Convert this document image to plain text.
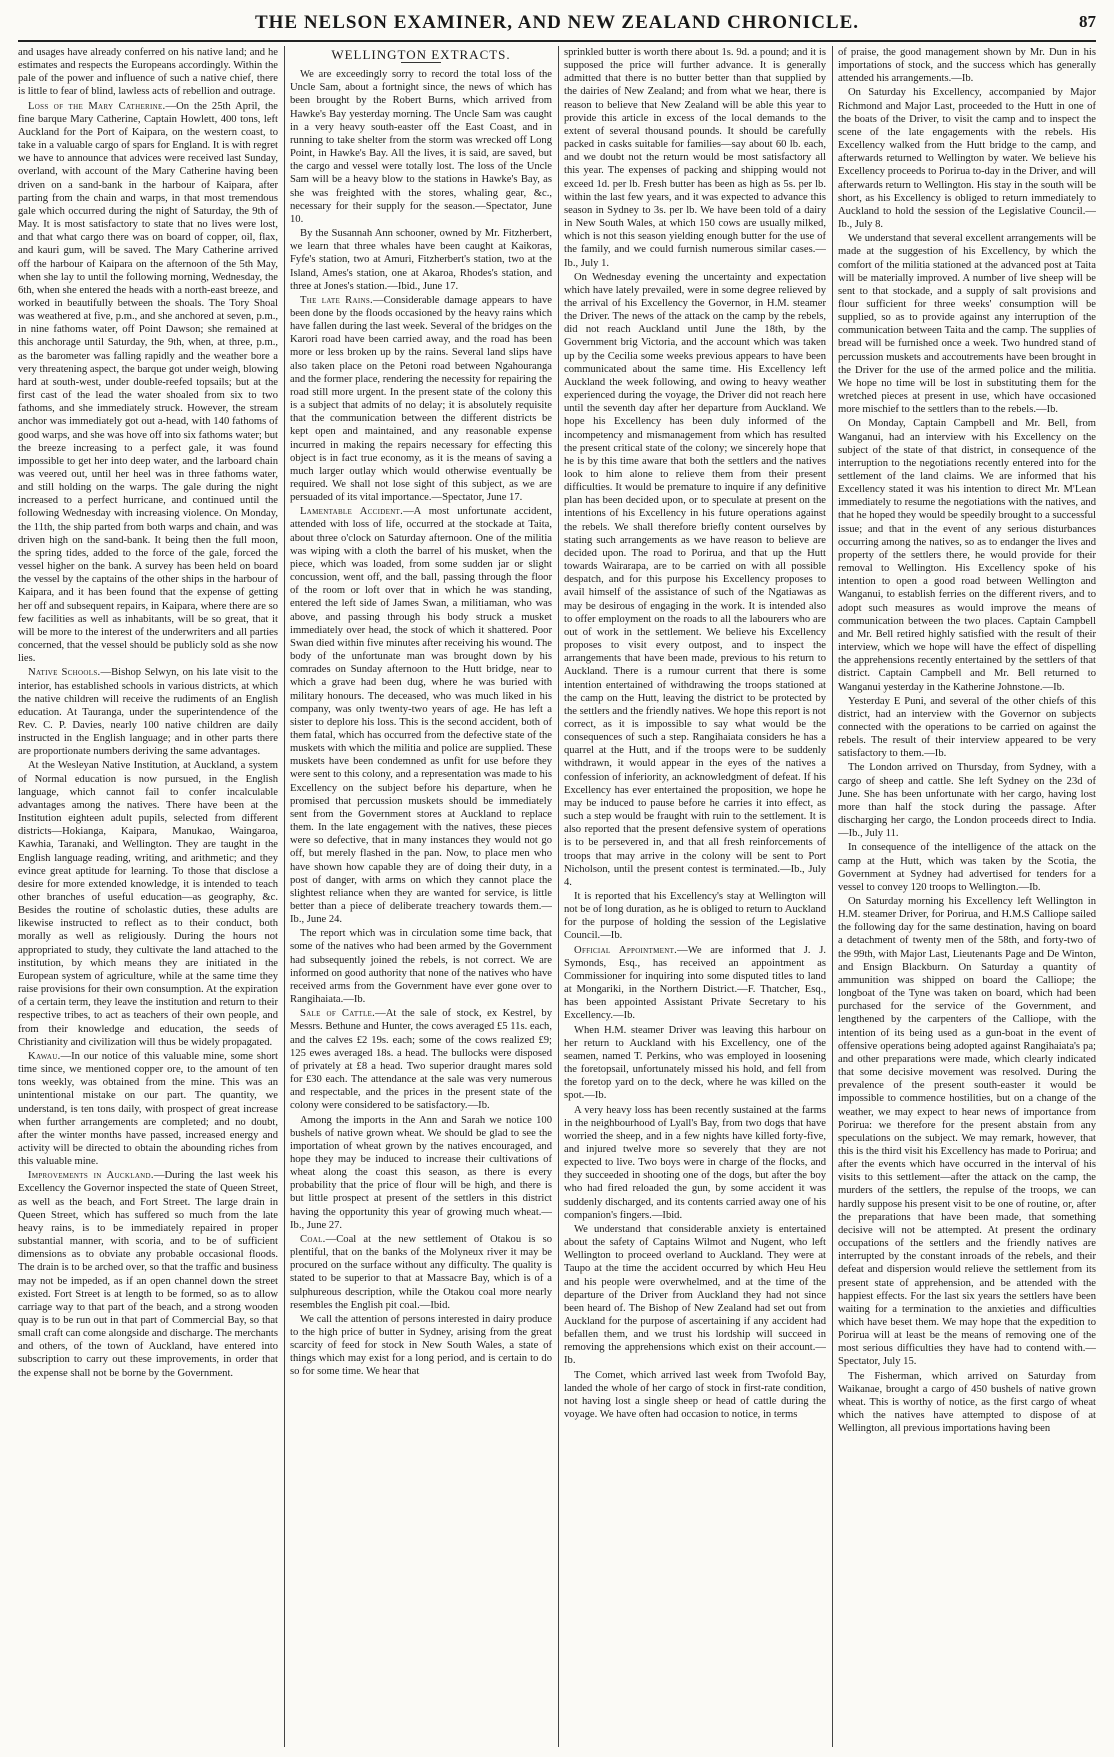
THE NELSON EXAMINER, AND NEW ZEALAND CHRONICLE.	87

and usages have already conferred on his native land; and he estimates and respects the Europeans accordingly. Within the pale of the power and influence of such a native chief, there is little to fear of blind, lawless acts of rebellion and outrage.

Loss of the Mary Catherine.—On the 25th April, the fine barque Mary Catherine, Captain Howlett, 400 tons, left Auckland for the Port of Kaipara, on the western coast, to take in a valuable cargo of spars for England. It is with regret we have to announce that advices were received last Sunday, overland, with account of the Mary Catherine having been driven on a sand-bank in the harbour of Kaipara, after parting from the chain and warps, in that most tremendous gale which occurred during the night of Saturday, the 9th of May. It is most satisfactory to state that no lives were lost, and that what cargo there was on board of copper, oil, flax, and kauri gum, will be saved. The Mary Catherine arrived off the harbour of Kaipara on the afternoon of the 5th May, when she lay to until the following morning, Wednesday, the 6th, when she entered the heads with a north-east breeze, and worked in beautifully between the shoals. The Tory Shoal was weathered at five, p.m., and she anchored at seven, p.m., in nine fathoms water, off Point Dawson; she remained at this anchorage until Saturday, the 9th, when, at three, p.m., as the barometer was falling rapidly and the weather bore a very threatening aspect, the barque got under weigh, blowing hard at south-west, under double-reefed topsails; but at the first cast of the lead the water shoaled from six to two fathoms, and she immediately struck. However, the stream anchor was immediately got out a-head, with 140 fathoms of good warps, and she was hove off into six fathoms water; but the breeze increasing to a perfect gale, it was found impossible to get her into deep water, and the larboard chain was veered out, until her heel was in three fathoms water, and still holding on the warps. The gale during the night increased to a perfect hurricane, and continued until the following Wednesday with increasing violence. On Monday, the 11th, the ship parted from both warps and chain, and was driven high on the sand-bank. It being then the full moon, the spring tides, added to the force of the gale, forced the vessel higher on the bank. A survey has been held on board the vessel by the captains of the other ships in the harbour of Kaipara, and it has been found that the expense of getting her off and subsequent repairs, in Kaipara, where there are so few facilities as well as inhabitants, will be so great, that it will be more to the interest of the underwriters and all parties concerned, that the vessel should be publicly sold as she now lies.

Native Schools.—Bishop Selwyn, on his late visit to the interior, has established schools in various districts, at which the native children will receive the rudiments of an English education. At Tauranga, under the superintendence of the Rev. C. P. Davies, nearly 100 native children are daily instructed in the English language; and in other parts there are proportionate numbers deriving the same advantages.

At the Wesleyan Native Institution, at Auckland, a system of Normal education is now pursued, in the English language, which cannot fail to confer incalculable advantages among the natives. There have been at the Institution eighteen adult pupils, selected from different districts—Hokianga, Kaipara, Manukao, Waingaroa, Kawhia, Taranaki, and Wellington. They are taught in the English language reading, writing, and arithmetic; and they evince great aptitude for learning. To those that disclose a desire for more extended knowledge, it is intended to teach other branches of useful education—as geography, &c. Besides the routine of scholastic duties, these adults are likewise instructed to reflect as to their conduct, both morally as well as religiously. During the hours not appropriated to study, they cultivate the land attached to the institution, by which means they are initiated in the European system of agriculture, while at the same time they raise provisions for their own consumption. At the expiration of a certain term, they leave the institution and return to their respective tribes, to act as teachers of their own people, and from their knowledge and education, the seeds of Christianity and civilization will thus be widely propagated.

Kawau.—In our notice of this valuable mine, some short time since, we mentioned copper ore, to the amount of ten tons weekly, was obtained from the mine. This was an unintentional mistake on our part. The quantity, we understand, is ten tons daily, with prospect of great increase when further arrangements are completed; and no doubt, after the winter months have passed, increased energy and activity will be directed to obtain the abounding riches from this valuable mine.

Improvements in Auckland.—During the last week his Excellency the Governor inspected the state of Queen Street, as well as the beach, and Fort Street. The large drain in Queen Street, which has suffered so much from the late heavy rains, is to be immediately repaired in proper substantial manner, with scoria, and to be of sufficient dimensions as to obviate any probable occasional floods. The drain is to be arched over, so that the traffic and business may not be impeded, as if an open channel down the street existed. Fort Street is at length to be formed, so as to allow carriage way to that part of the beach, and a strong wooden quay is to be run out in that part of Commercial Bay, so that small craft can come alongside and discharge. The merchants and others, of the town of Auckland, have entered into subscription to carry out these improvements, in order that the expense shall not be borne by the Government.

WELLINGTON EXTRACTS.

We are exceedingly sorry to record the total loss of the Uncle Sam, about a fortnight since, the news of which has been brought by the Robert Burns, which arrived from Hawke's Bay yesterday morning. The Uncle Sam was caught in a very heavy south-easter off the East Coast, and in running to take shelter from the storm was wrecked off Long Point, in Hawke's Bay. All the lives, it is said, are saved, but the cargo and vessel were totally lost. The loss of the Uncle Sam will be a heavy blow to the stations in Hawke's Bay, as she was freighted with the stores, whaling gear, &c., necessary for their supply for the season.—Spectator, June 10.

By the Susannah Ann schooner, owned by Mr. Fitzherbert, we learn that three whales have been caught at Kaikoras, Fyfe's station, two at Amuri, Fitzherbert's station, two at the Island, Ames's station, one at Akaroa, Rhodes's station, and three at Jones's station.—Ibid., June 17.

The late Rains.—Considerable damage appears to have been done by the floods occasioned by the heavy rains which have fallen during the last week. Several of the bridges on the Karori road have been carried away, and the road has been more or less broken up by the rains. Several land slips have also taken place on the Petoni road between Ngahouranga and the former place, rendering the necessity for repairing the road still more urgent. In the present state of the colony this is a subject that admits of no delay; it is absolutely requisite that the communication between the different districts be kept open and maintained, and any reasonable expense incurred in making the repairs necessary for effecting this object is in fact true economy, as it is the means of saving a much larger outlay which would otherwise eventually be required. We shall not lose sight of this subject, as we are persuaded of its vital importance.—Spectator, June 17.

Lamentable Accident.—A most unfortunate accident, attended with loss of life, occurred at the stockade at Taita, about three o'clock on Saturday afternoon. One of the militia was wiping with a cloth the barrel of his musket, when the piece, which was loaded, from some sudden jar or slight concussion, went off, and the ball, passing through the floor of the room or loft over that in which he was standing, entered the left side of James Swan, a militiaman, who was above, and passing through his body struck a musket immediately over head, the stock of which it shattered. Poor Swan died within five minutes after receiving his wound. The body of the unfortunate man was brought down by his comrades on Sunday afternoon to the Hutt bridge, near to which a grave had been dug, where he was buried with military honours. The deceased, who was much liked in his company, was only twenty-two years of age. He has left a sister to deplore his loss. This is the second accident, both of them fatal, which has occurred from the defective state of the muskets with which the militia and police are supplied. These muskets have been condemned as unfit for use before they were sent to this colony, and a representation was made to his Excellency on the subject before his departure, when he promised that percussion muskets should be immediately sent from the Government stores at Auckland to replace them. In the late engagement with the natives, these pieces were so defective, that in many instances they would not go off, but merely flashed in the pan. Now, to place men who have shown how capable they are of doing their duty, in a post of danger, with arms on which they cannot place the slightest reliance when they are wanted for service, is little better than a piece of deliberate treachery towards them.—Ib., June 24.

The report which was in circulation some time back, that some of the natives who had been armed by the Government had subsequently joined the rebels, is not correct. We are informed on good authority that none of the natives who have received arms from the Government have ever gone over to Rangihaiata.—Ib.

Sale of Cattle.—At the sale of stock, ex Kestrel, by Messrs. Bethune and Hunter, the cows averaged £5 11s. each, and the calves £2 19s. each; some of the cows realized £9; 125 ewes averaged 18s. a head. The bullocks were disposed of privately at £8 a head. Two superior draught mares sold for £30 each. The attendance at the sale was very numerous and respectable, and the prices in the present state of the colony were considered to be satisfactory.—Ib.

Among the imports in the Ann and Sarah we notice 100 bushels of native grown wheat. We should be glad to see the importation of wheat grown by the natives encouraged, and hope they may be induced to increase their cultivations of wheat along the coast this season, as there is every probability that the price of flour will be high, and there is but little prospect at present of the settlers in this district having the opportunity this year of growing much wheat.—Ib., June 27.

Coal.—Coal at the new settlement of Otakou is so plentiful, that on the banks of the Molyneux river it may be procured on the surface without any difficulty. The quality is stated to be superior to that at Massacre Bay, which is of a sulphureous description, while the Otakou coal more nearly resembles the English pit coal.—Ibid.

We call the attention of persons interested in dairy produce to the high price of butter in Sydney, arising from the great scarcity of feed for stock in New South Wales, a state of things which may exist for a long period, and is certain to do so for some time. We hear that

sprinkled butter is worth there about 1s. 9d. a pound; and it is supposed the price will further advance. It is generally admitted that there is no butter better than that supplied by the dairies of New Zealand; and from what we hear, there is reason to believe that New Zealand will be able this year to provide this article in excess of the local demands to the extent of several thousand pounds. It should be carefully packed in casks suitable for families—say about 60 lb. each, and we doubt not the return would be most satisfactory all this year. The expenses of packing and shipping would not exceed 1d. per lb. Fresh butter has been as high as 5s. per lb. within the last few years, and it was expected to advance this season in Sydney to 3s. per lb. We have been told of a dairy in New South Wales, at which 150 cows are usually milked, which is not this season yielding enough butter for the use of the family, and we could furnish numerous similar cases.—Ib., July 1.

On Wednesday evening the uncertainty and expectation which have lately prevailed, were in some degree relieved by the arrival of his Excellency the Governor, in H.M. steamer the Driver. The news of the attack on the camp by the rebels, did not reach Auckland until June the 18th, by the Government brig Victoria, and the account which was taken up by the Cecilia some weeks previous appears to have been communicated about the same time. His Excellency left Auckland the week following, and owing to heavy weather experienced during the voyage, the Driver did not reach here until the seventh day after her departure from Auckland. We hope his Excellency has been duly informed of the incompetency and mismanagement from which has resulted the present critical state of the colony; we sincerely hope that he is by this time aware that both the settlers and the natives look to him alone to relieve them from their present difficulties. It would be premature to inquire if any definitive plan has been decided upon, or to speculate at present on the intentions of his Excellency in his future operations against the rebels. We shall therefore briefly content ourselves by stating such arrangements as we have reason to believe are decided upon. The road to Porirua, and that up the Hutt towards Wairarapa, are to be carried on with all possible despatch, and for this purpose his Excellency proposes to avail himself of the assistance of such of the Ngatiawas as may be desirous of engaging in the work. It is intended also to offer employment on the roads to all the labourers who are out of work in the settlement. We believe his Excellency proposes to visit every outpost, and to inspect the arrangements that have been made, previous to his return to Auckland. There is a rumour current that there is some intention entertained of withdrawing the troops stationed at the camp on the Hutt, leaving the district to be protected by the settlers and the friendly natives. We hope this report is not correct, as it is impossible to say what would be the consequences of such a step. Rangihaiata considers he has a quarrel at the Hutt, and if the troops were to be suddenly withdrawn, it would appear in the eyes of the natives a confession of inferiority, an acknowledgment of defeat. If his Excellency has ever entertained the proposition, we hope he may be induced to pause before he carries it into effect, as such a step would be fraught with ruin to the settlement. It is also reported that the present defensive system of operations is to be persevered in, and that all fresh reinforcements of troops that may arrive in the colony will be sent to Port Nicholson, until the present contest is terminated.—Ib., July 4.

It is reported that his Excellency's stay at Wellington will not be of long duration, as he is obliged to return to Auckland for the purpose of holding the session of the Legislative Council.—Ib.

Official Appointment.—We are informed that J. J. Symonds, Esq., has received an appointment as Commissioner for inquiring into some disputed titles to land at Mongariki, in the Northern District.—F. Thatcher, Esq., has been appointed Assistant Private Secretary to his Excellency.—Ib.

When H.M. steamer Driver was leaving this harbour on her return to Auckland with his Excellency, one of the seamen, named T. Perkins, who was employed in loosening the foretopsail, unfortunately missed his hold, and fell from the foretop yard on to the deck, where he was killed on the spot.—Ib.

A very heavy loss has been recently sustained at the farms in the neighbourhood of Lyall's Bay, from two dogs that have worried the sheep, and in a few nights have killed forty-five, and injured twelve more so severely that they are not expected to live. Two boys were in charge of the flocks, and they succeeded in shooting one of the dogs, but after the boy who had fired reloaded the gun, by some accident it was suddenly discharged, and its contents carried away one of his companion's fingers.—Ibid.

We understand that considerable anxiety is entertained about the safety of Captains Wilmot and Nugent, who left Wellington to proceed overland to Auckland. They were at Taupo at the time the accident occurred by which Heu Heu and his people were overwhelmed, and at the time of the departure of the Driver from Auckland they had not since been heard of. The Bishop of New Zealand had set out from Auckland for the purpose of ascertaining if any accident had befallen them, and we trust his lordship will succeed in removing the apprehensions which exist on their account.—Ib.

The Comet, which arrived last week from Twofold Bay, landed the whole of her cargo of stock in first-rate condition, not having lost a single sheep or head of cattle during the voyage. We have often had occasion to notice, in terms

of praise, the good management shown by Mr. Dun in his importations of stock, and the success which has generally attended his arrangements.—Ib.

On Saturday his Excellency, accompanied by Major Richmond and Major Last, proceeded to the Hutt in one of the boats of the Driver, to visit the camp and to inspect the scene of the late engagements with the rebels. His Excellency walked from the Hutt bridge to the camp, and afterwards returned to Wellington by water. We believe his Excellency proceeds to Porirua to-day in the Driver, and will afterwards return to Wellington. His stay in the south will be short, as his Excellency is obliged to return immediately to Auckland to hold the session of the Legislative Council.—Ib., July 8.

We understand that several excellent arrangements will be made at the suggestion of his Excellency, by which the comfort of the militia stationed at the advanced post at Taita will be materially improved. A number of live sheep will be sent to that stockade, and a supply of salt provisions and flour sufficient for three weeks' consumption will be supplied, so as to provide against any interruption of the communication between Taita and the camp. The supplies of bread will be furnished once a week. Two hundred stand of percussion muskets and accoutrements have been brought in the Driver for the use of the armed police and the militia. We hope no time will be lost in substituting them for the wretched pieces at present in use, which have occasioned more mischief to the settlers than to the rebels.—Ib.

On Monday, Captain Campbell and Mr. Bell, from Wanganui, had an interview with his Excellency on the subject of the state of that district, in consequence of the interruption to the negotiations recently entered into for the settlement of the land claims. We are informed that his Excellency stated it was his intention to direct Mr. M'Lean immediately to resume the negotiations with the natives, and that he hoped they would be speedily brought to a successful issue; and that in the event of any serious disturbances occurring among the natives, so as to endanger the lives and property of the settlers there, he would provide for their removal to Wellington. His Excellency spoke of his intention to open a good road between Wellington and Wanganui, to establish ferries on the different rivers, and to adopt such measures as would improve the means of communication between the two places. Captain Campbell and Mr. Bell retired highly satisfied with the result of their interview, which we hope will have the effect of dispelling the apprehensions recently entertained by the settlers of that district. Captain Campbell and Mr. Bell returned to Wanganui yesterday in the Katherine Johnstone.—Ib.

Yesterday E Puni, and several of the other chiefs of this district, had an interview with the Governor on subjects connected with the operations to be carried on against the rebels. The result of their interview appeared to be very satisfactory to them.—Ib.

The London arrived on Thursday, from Sydney, with a cargo of sheep and cattle. She left Sydney on the 23d of June. She has been unfortunate with her cargo, having lost more than half the stock during the passage. After discharging her cargo, the London proceeds direct to India.—Ib., July 11.

In consequence of the intelligence of the attack on the camp at the Hutt, which was taken by the Scotia, the Government at Sydney had advertised for tenders for a vessel to convey 120 troops to Wellington.—Ib.

On Saturday morning his Excellency left Wellington in H.M. steamer Driver, for Porirua, and H.M.S Calliope sailed the following day for the same destination, having on board a detachment of twenty men of the 58th, and forty-two of the 99th, with Major Last, Lieutenants Page and De Winton, and Ensign Blackburn. On Saturday a quantity of ammunition was shipped on board the Calliope; the longboat of the Tyne was taken on board, which had been purchased for the service of the Government, and lengthened by the carpenters of the Calliope, with the intention of its being used as a gun-boat in the event of offensive operations being adopted against Rangihaiata's pa; and other preparations were made, which clearly indicated that some decisive movement was resolved. During the prevalence of the present south-easter it would be impossible to commence hostilities, but on a change of the weather, we may expect to hear news of importance from Porirua: we therefore for the present abstain from any speculations on the subject. We may remark, however, that this is the third visit his Excellency has made to Porirua; and after the events which have occurred in the interval of his visits to this settlement—after the attack on the camp, the murders of the settlers, the repulse of the troops, we can hardly suppose his present visit to be one of routine, or, after the preparations that have been made, that something decisive will not be attempted. At present the ordinary occupations of the settlers and the friendly natives are interrupted by the constant inroads of the rebels, and their defeat and dispersion would relieve the settlement from its present state of apprehension, and be attended with the happiest effects. For the last six years the settlers have been waiting for a termination to the anxieties and difficulties which have beset them. We may hope that the expedition to Porirua will at least be the means of removing one of the most serious difficulties they have had to contend with.—Spectator, July 15.

The Fisherman, which arrived on Saturday from Waikanae, brought a cargo of 450 bushels of native grown wheat. This is worthy of notice, as the first cargo of wheat which the natives have attempted to dispose of at Wellington, all previous importations having been
